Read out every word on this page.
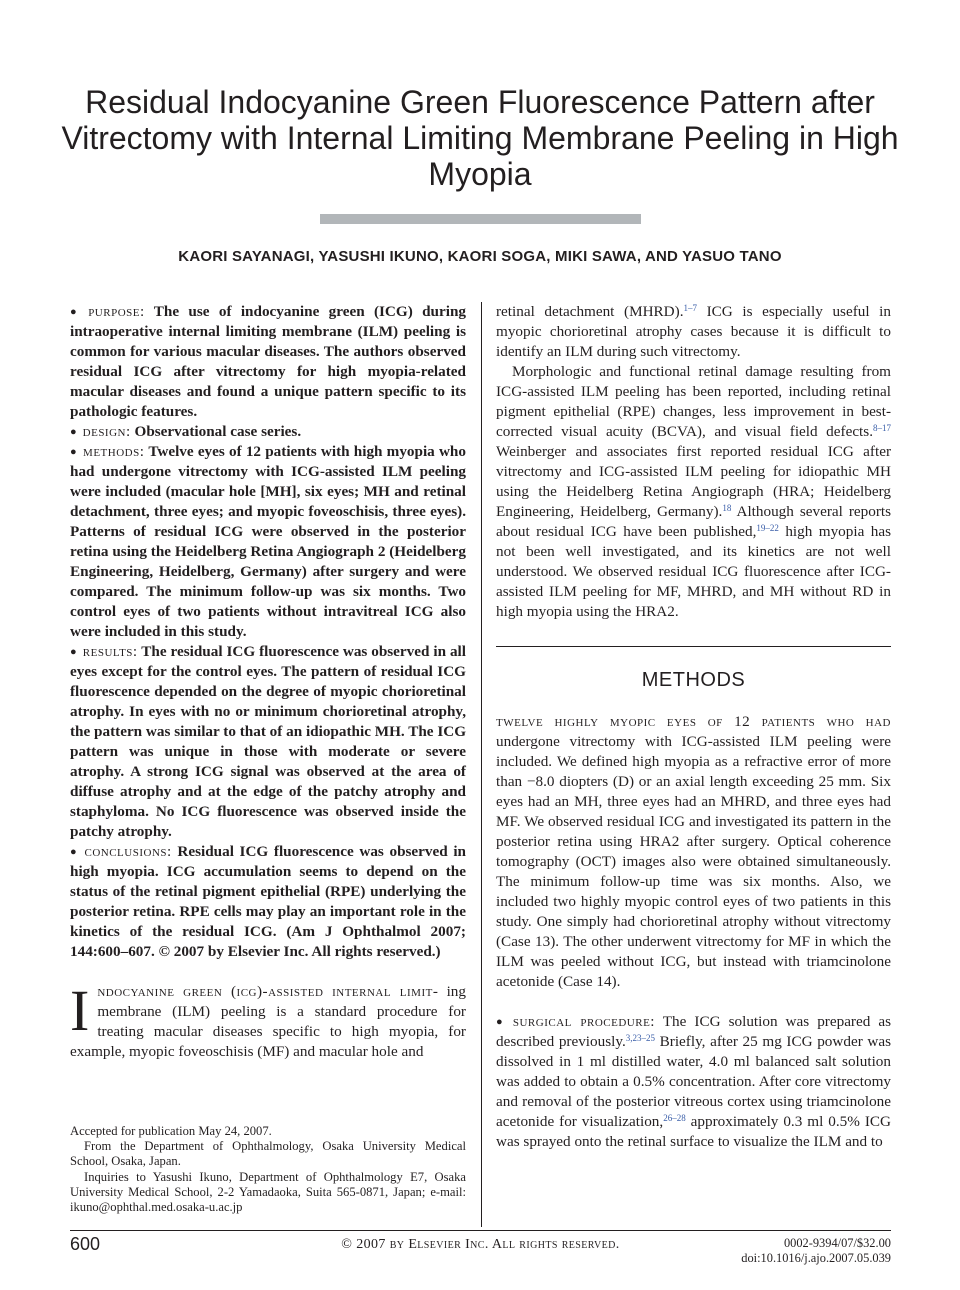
Residual Indocyanine Green Fluorescence Pattern after Vitrectomy with Internal Limiting Membrane Peeling in High Myopia
KAORI SAYANAGI, YASUSHI IKUNO, KAORI SOGA, MIKI SAWA, AND YASUO TANO

● purpose: The use of indocyanine green (ICG) during intraoperative internal limiting membrane (ILM) peeling is common for various macular diseases. The authors observed residual ICG after vitrectomy for high myopia-related macular diseases and found a unique pattern specific to its pathologic features.

● design: Observational case series.

● methods: Twelve eyes of 12 patients with high myopia who had undergone vitrectomy with ICG-assisted ILM peeling were included (macular hole [MH], six eyes; MH and retinal detachment, three eyes; and myopic foveoschisis, three eyes). Patterns of residual ICG were observed in the posterior retina using the Heidelberg Retina Angiograph 2 (Heidelberg Engineering, Heidelberg, Germany) after surgery and were compared. The minimum follow-up was six months. Two control eyes of two patients without intravitreal ICG also were included in this study.

● results: The residual ICG fluorescence was observed in all eyes except for the control eyes. The pattern of residual ICG fluorescence depended on the degree of myopic chorioretinal atrophy. In eyes with no or minimum chorioretinal atrophy, the pattern was similar to that of an idiopathic MH. The ICG pattern was unique in those with moderate or severe atrophy. A strong ICG signal was observed at the area of diffuse atrophy and at the edge of the patchy atrophy and staphyloma. No ICG fluorescence was observed inside the patchy atrophy.

● conclusions: Residual ICG fluorescence was observed in high myopia. ICG accumulation seems to depend on the status of the retinal pigment epithelial (RPE) underlying the posterior retina. RPE cells may play an important role in the kinetics of the residual ICG. (Am J Ophthalmol 2007; 144:600–607. © 2007 by Elsevier Inc. All rights reserved.)

Indocyanine green (icg)-assisted internal limit- ing membrane (ILM) peeling is a standard procedure for treating macular diseases specific to high myopia, for example, myopic foveoschisis (MF) and macular hole and

Accepted for publication May 24, 2007.

From the Department of Ophthalmology, Osaka University Medical School, Osaka, Japan.

Inquiries to Yasushi Ikuno, Department of Ophthalmology E7, Osaka University Medical School, 2-2 Yamadaoka, Suita 565-0871, Japan; e-mail: ikuno@ophthal.med.osaka-u.ac.jp

retinal detachment (MHRD).$^{1-7}$ ICG is especially useful in myopic chorioretinal atrophy cases because it is difficult to identify an ILM during such vitrectomy.

Morphologic and functional retinal damage resulting from ICG-assisted ILM peeling has been reported, including retinal pigment epithelial (RPE) changes, less improvement in best-corrected visual acuity (BCVA), and visual field defects.$^{8-17}$ Weinberger and associates first reported residual ICG after vitrectomy and ICG-assisted ILM peeling for idiopathic MH using the Heidelberg Retina Angiograph (HRA; Heidelberg Engineering, Heidelberg, Germany).$^{18}$ Although several reports about residual ICG have been published,$^{19-22}$ high myopia has not been well investigated, and its kinetics are not well understood. We observed residual ICG fluorescence after ICG-assisted ILM peeling for MF, MHRD, and MH without RD in high myopia using the HRA2.

METHODS

twelve highly myopic eyes of 12 patients who had undergone vitrectomy with ICG-assisted ILM peeling were included. We defined high myopia as a refractive error of more than −8.0 diopters (D) or an axial length exceeding 25 mm. Six eyes had an MH, three eyes had an MHRD, and three eyes had MF. We observed residual ICG and investigated its pattern in the posterior retina using HRA2 after surgery. Optical coherence tomography (OCT) images also were obtained simultaneously. The minimum follow-up time was six months. Also, we included two highly myopic control eyes of two patients in this study. One simply had chorioretinal atrophy without vitrectomy (Case 13). The other underwent vitrectomy for MF in which the ILM was peeled without ICG, but instead with triamcinolone acetonide (Case 14).

● surgical procedure: The ICG solution was prepared as described previously.$^{3,23-25}$ Briefly, after 25 mg ICG powder was dissolved in 1 ml distilled water, 4.0 ml balanced salt solution was added to obtain a 0.5% concentration. After core vitrectomy and removal of the posterior vitreous cortex using triamcinolone acetonide for visualization,$^{26-28}$ approximately 0.3 ml 0.5% ICG was sprayed onto the retinal surface to visualize the ILM and to

600	© 2007 by Elsevier Inc. All rights reserved.	0002-9394/07/$32.00
doi:10.1016/j.ajo.2007.05.039
